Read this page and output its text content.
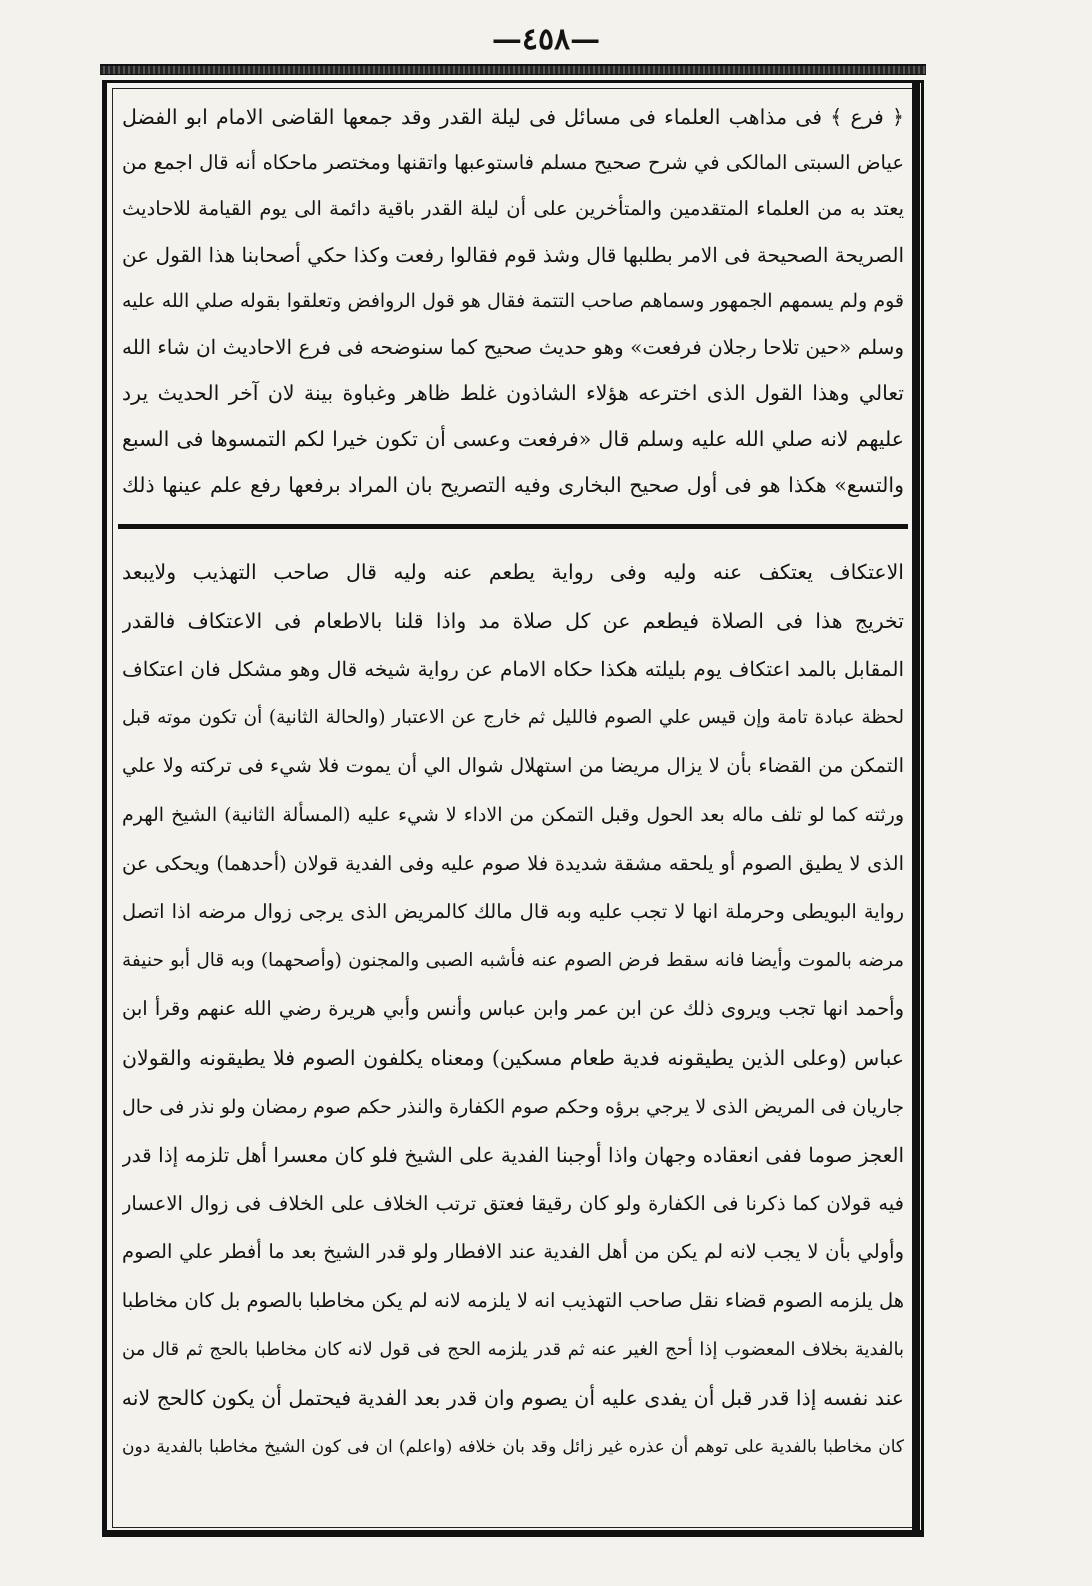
—٤٥٨—
﴿ فرع ﴾ فى مذاهب العلماء فى مسائل فى ليلة القدر وقد جمعها القاضى الامام ابو الفضل
عياض السبتى المالكى في شرح صحيح مسلم فاستوعبها واتقنها ومختصر ماحكاه أنه قال اجمع من
يعتد به من العلماء المتقدمين والمتأخرين على أن ليلة القدر باقية دائمة الى يوم القيامة للاحاديث
الصريحة الصحيحة فى الامر بطلبها قال وشذ قوم فقالوا رفعت وكذا حكي أصحابنا هذا القول عن
قوم ولم يسمهم الجمهور وسماهم صاحب التتمة فقال هو قول الروافض وتعلقوا بقوله صلي الله عليه
وسلم «حين تلاحا رجلان فرفعت» وهو حديث صحيح كما سنوضحه فى فرع الاحاديث ان شاء الله
تعالي وهذا القول الذى اخترعه هؤلاء الشاذون غلط ظاهر وغباوة بينة لان آخر الحديث يرد
عليهم لانه صلي الله عليه وسلم قال «فرفعت وعسى أن تكون خيرا لكم التمسوها فى السبع
والتسع» هكذا هو فى أول صحيح البخارى وفيه التصريح بان المراد برفعها رفع علم عينها ذلك
الاعتكاف يعتكف عنه وليه وفى رواية يطعم عنه وليه قال صاحب التهذيب ولايبعد
تخريج هذا فى الصلاة فيطعم عن كل صلاة مد واذا قلنا بالاطعام فى الاعتكاف فالقدر
المقابل بالمد اعتكاف يوم بليلته هكذا حكاه الامام عن رواية شيخه قال وهو مشكل فان اعتكاف
لحظة عبادة تامة وإن قيس علي الصوم فالليل ثم خارج عن الاعتبار (والحالة الثانية) أن تكون موته قبل
التمكن من القضاء بأن لا يزال مريضا من استهلال شوال الي أن يموت فلا شيء فى تركته ولا علي
ورثته كما لو تلف ماله بعد الحول وقبل التمكن من الاداء لا شيء عليه (المسألة الثانية) الشيخ الهرم
الذى لا يطيق الصوم أو يلحقه مشقة شديدة فلا صوم عليه وفى الفدية قولان (أحدهما) ويحكى عن
رواية البويطى وحرملة انها لا تجب عليه وبه قال مالك كالمريض الذى يرجى زوال مرضه اذا اتصل
مرضه بالموت وأيضا فانه سقط فرض الصوم عنه فأشبه الصبى والمجنون (وأصحهما) وبه قال أبو حنيفة
وأحمد انها تجب ويروى ذلك عن ابن عمر وابن عباس وأنس وأبي هريرة رضي الله عنهم وقرأ ابن
عباس (وعلى الذين يطيقونه فدية طعام مسكين) ومعناه يكلفون الصوم فلا يطيقونه والقولان
جاريان فى المريض الذى لا يرجي برؤه وحكم صوم الكفارة والنذر حكم صوم رمضان ولو نذر فى حال
العجز صوما ففى انعقاده وجهان واذا أوجبنا الفدية على الشيخ فلو كان معسرا أهل تلزمه إذا قدر
فيه قولان كما ذكرنا فى الكفارة ولو كان رقيقا فعتق ترتب الخلاف على الخلاف فى زوال الاعسار
وأولي بأن لا يجب لانه لم يكن من أهل الفدية عند الافطار ولو قدر الشيخ بعد ما أفطر علي الصوم
هل يلزمه الصوم قضاء نقل صاحب التهذيب انه لا يلزمه لانه لم يكن مخاطبا بالصوم بل كان مخاطبا
بالفدية بخلاف المعضوب إذا أحج الغير عنه ثم قدر يلزمه الحج فى قول لانه كان مخاطبا بالحج ثم قال من
عند نفسه إذا قدر قبل أن يفدى عليه أن يصوم وان قدر بعد الفدية فيحتمل أن يكون كالحج لانه
كان مخاطبا بالفدية على توهم أن عذره غير زائل وقد بان خلافه (واعلم) ان فى كون الشيخ مخاطبا بالفدية دون
